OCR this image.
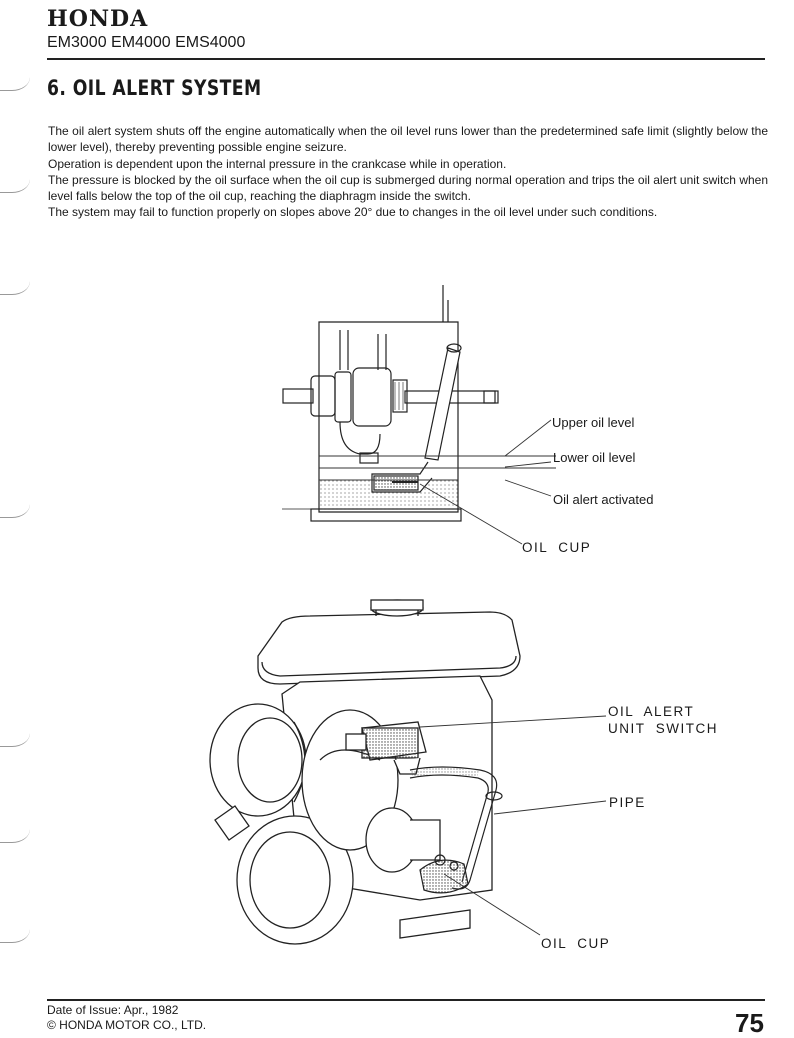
HONDA
EM3000 EM4000 EMS4000
6. OIL ALERT SYSTEM

The oil alert system shuts off the engine automatically when the oil level runs lower than the predetermined safe limit (slightly below the lower level), thereby preventing possible engine seizure.

Operation is dependent upon the internal pressure in the crankcase while in operation.

The pressure is blocked by the oil surface when the oil cup is submerged during normal operation and trips the oil alert unit switch when level falls below the top of the oil cup, reaching the diaphragm inside the switch.

The system may fail to function properly on slopes above 20° due to changes in the oil level under such conditions.

Upper oil level
Lower oil level
Oil alert activated
OIL  CUP
OIL  ALERT
UNIT  SWITCH
PIPE
OIL  CUP
Date of Issue: Apr., 1982
© HONDA MOTOR CO., LTD.	75
